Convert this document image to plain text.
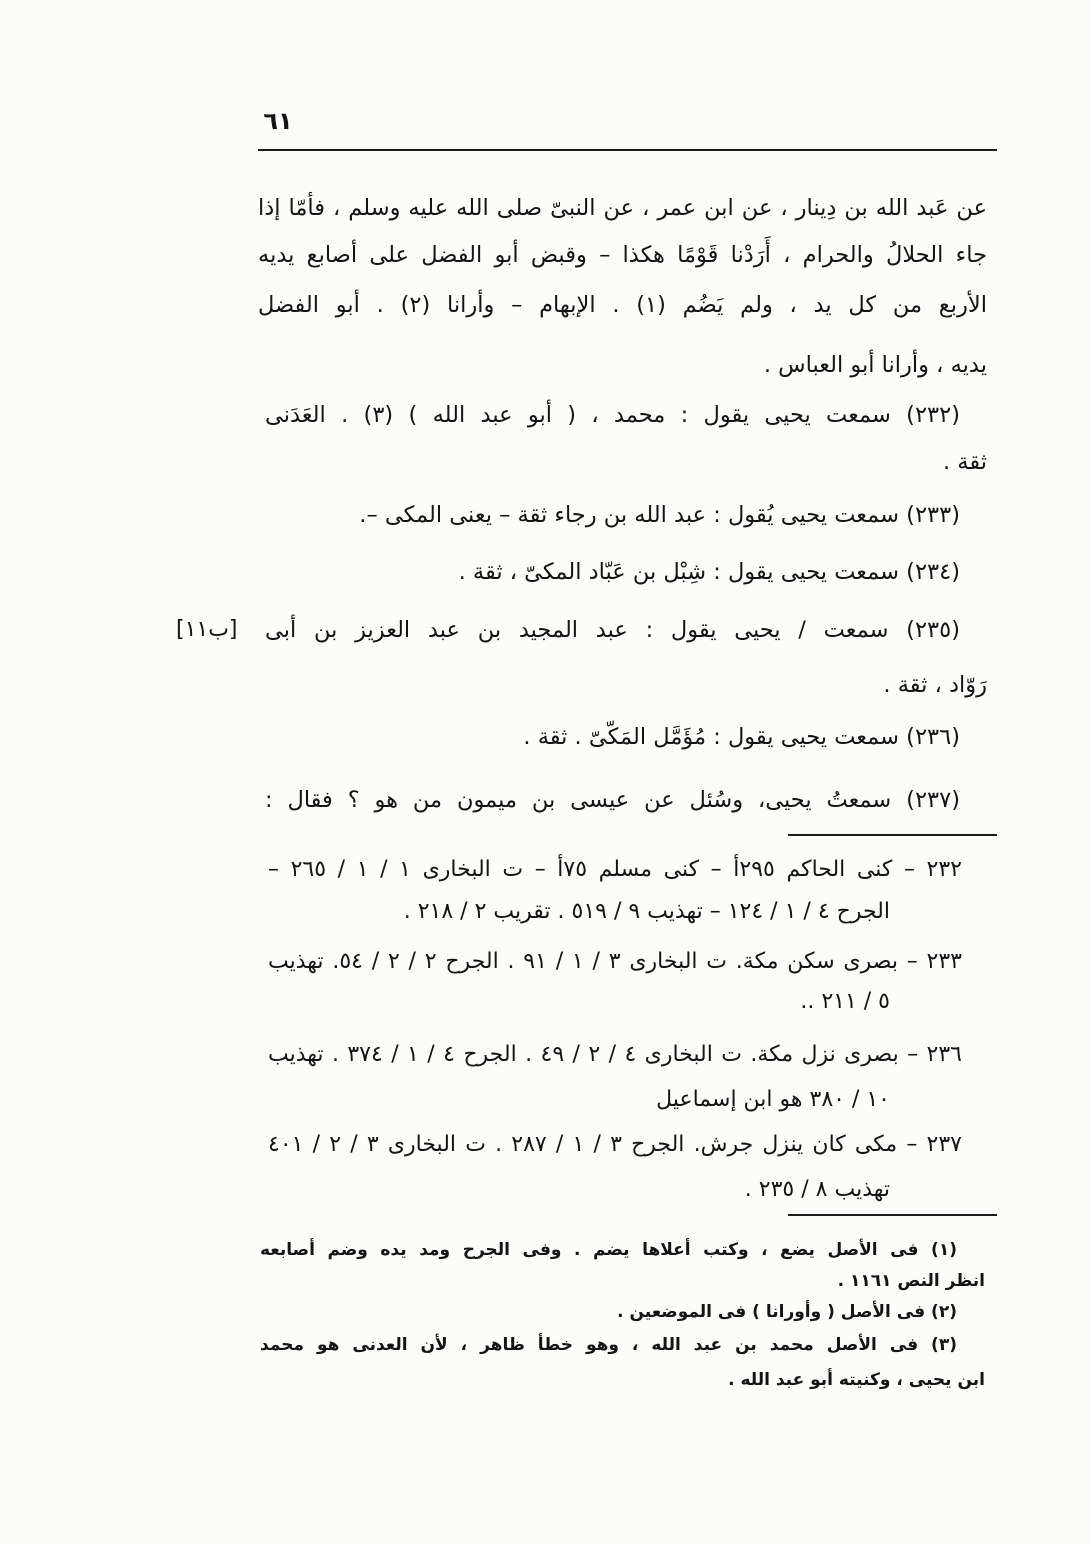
٦١
عن عَبد الله بن دِينار ، عن ابن عمر ، عن النبىّ صلى الله عليه وسلم ، فأمّا إذا
جاء الحلالُ والحرام ، أَرَدْنا قَوْمًا هكذا – وقبض أبو الفضل على أصابع يديه
الأربع من كل يد ، ولم يَضُم (١) . الإبهام – وأرانا (٢) . أبو الفضل
يديه ، وأرانا أبو العباس .
(٢٣٢) سمعت يحيى يقول : محمد ، ( أبو عبد الله ) (٣) . العَدَنى
ثقة .
(٢٣٣) سمعت يحيى يُقول : عبد الله بن رجاء ثقة – يعنى المكى –.
(٢٣٤) سمعت يحيى يقول : شِبْل بن عَبّاد المكىّ ، ثقة .
(٢٣٥) سمعت / يحيى يقول : عبد المجيد بن عبد العزيز بن أبى
رَوّاد ، ثقة .
(٢٣٦) سمعت يحيى يقول : مُؤَمَّل المَكّىّ . ثقة .
(٢٣٧) سمعتُ يحيى، وسُئل عن عيسى بن ميمون من هو ؟ فقال :
[١١ب]
٢٣٢ – كنى الحاكم ٢٩٥أ – كنى مسلم ٧٥أ – ت البخارى ١ / ١ / ٢٦٥ –
الجرح ٤ / ١ / ١٢٤ – تهذيب ٩ / ٥١٩ . تقريب ٢ / ٢١٨ .
٢٣٣ – بصرى سكن مكة. ت البخارى ٣ / ١ / ٩١ . الجرح ٢ / ٢ / ٥٤. تهذيب
٥ / ٢١١ ..
٢٣٦ – بصرى نزل مكة. ت البخارى ٤ / ٢ / ٤٩ . الجرح ٤ / ١ / ٣٧٤ . تهذيب
١٠ / ٣٨٠ هو ابن إسماعيل
٢٣٧ – مكى كان ينزل جرش. الجرح ٣ / ١ / ٢٨٧ . ت البخارى ٣ / ٢ / ٤٠١
تهذيب ٨ / ٢٣٥ .
(١) فى الأصل يضع ، وكتب أعلاها يضم . وفى الجرح ومد يده وضم أصابعه
انظر النص ١١٦١ .
(٢) فى الأصل ( وأورانا ) فى الموضعين .
(٣) فى الأصل محمد بن عبد الله ، وهو خطأ ظاهر ، لأن العدنى هو محمد
ابن يحيى ، وكنيته أبو عبد الله .
